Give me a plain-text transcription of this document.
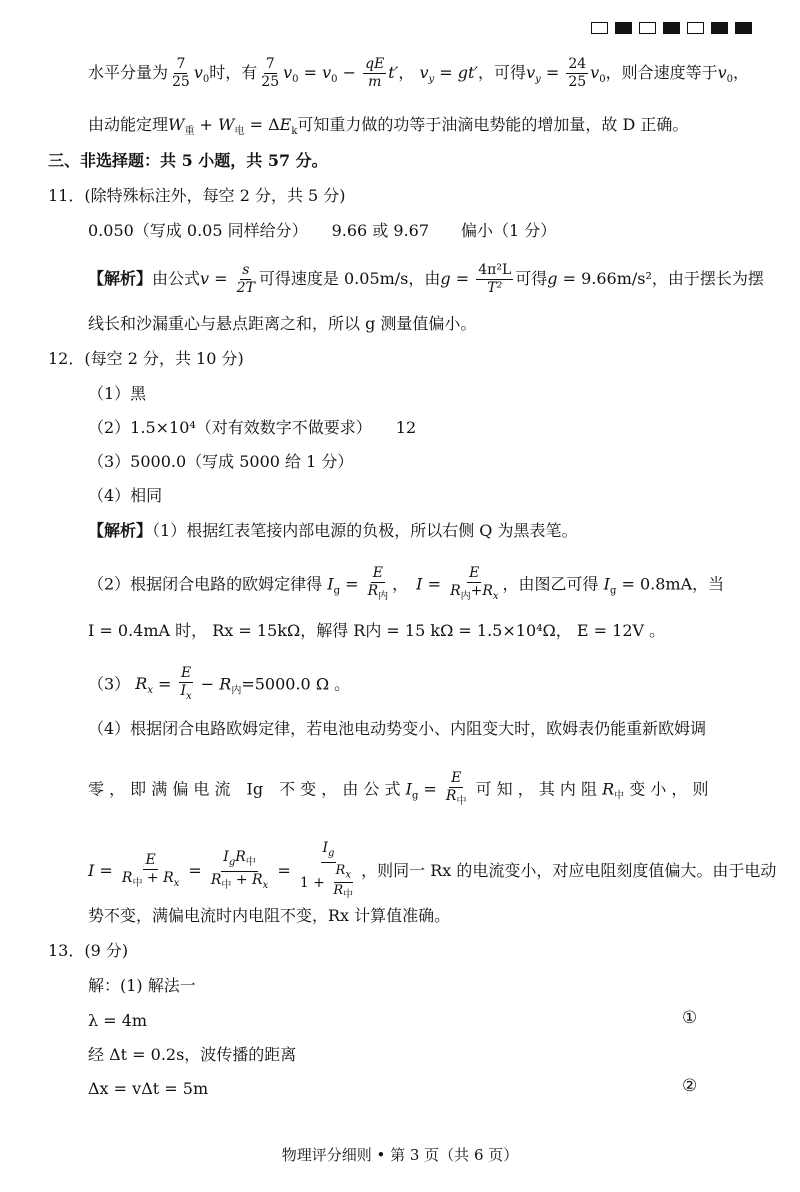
水平分量为 $\frac{7}{25} v_0$时，有 $\frac{7}{25} v_0 = v_0 - \frac{qE}{m} t'$， $v_y = gt'$，可得$v_y = \frac{24}{25} v_0$，则合速度等于$v_0$，
由动能定理$W_重 + W_电 = \Delta E_k$可知重力做的功等于油滴电势能的增加量，故 D 正确。
三、非选择题：共 5 小题，共 57 分。
11．(除特殊标注外，每空 2 分，共 5 分)
0.050（写成 0.05 同样给分）　　9.66 或 9.67　　偏小（1 分）
【解析】由公式$v = \frac{s}{2T}$ 可得速度是 0.05m/s，由$g = \frac{\text{4π²L}}{\text{T²}}$ 可得g = 9.66m/s²，由于摆长为摆
线长和沙漏重心与悬点距离之和，所以 g 测量值偏小。
12．(每空 2 分，共 10 分)
（1）黑
（2）1.5×10⁴（对有效数字不做要求）　　12
（3）5000.0（写成 5000 给 1 分）
（4）相同
【解析】（1）根据红表笔接内部电源的负极，所以右侧 Q 为黑表笔。
（2）根据闭合电路的欧姆定律得 $I_g = \frac{E}{R_内}$ ，　$I = \frac{E}{R_内+R_x}$ ，由图乙可得 $I_g = 0.8mA$，当
I = 0.4mA 时， Rx = 15kΩ，解得 R内 = 15 kΩ = 1.5×10⁴Ω， E = 12V 。
（3） $R_x = \frac{E}{I_x} - R_内=5000.0$ Ω 。
（4）根据闭合电路欧姆定律，若电池电动势变小、内阻变大时，欧姆表仍能重新欧姆调
零 ， 即 满 偏 电 流　Ig　不 变 ， 由 公 式 $I_g = \frac{E}{R_中}$ 可 知 ， 其 内 阻 $R_中$ 变 小 ， 则
$I = \frac{E}{R_中 + R_x} = \frac{I_gR_中}{R_中 + R_x} = \frac{I_g}{1 + \frac{R_x}{R_中}}$ ，则同一 Rx 的电流变小，对应电阻刻度值偏大。由于电动
势不变，满偏电流时内电阻不变，Rx 计算值准确。
13．(9 分)
解：(1) 解法一
λ = 4m	①
经 Δt = 0.2s，波传播的距离
Δx = vΔt = 5m	②
物理评分细则 • 第 3 页（共 6 页）
